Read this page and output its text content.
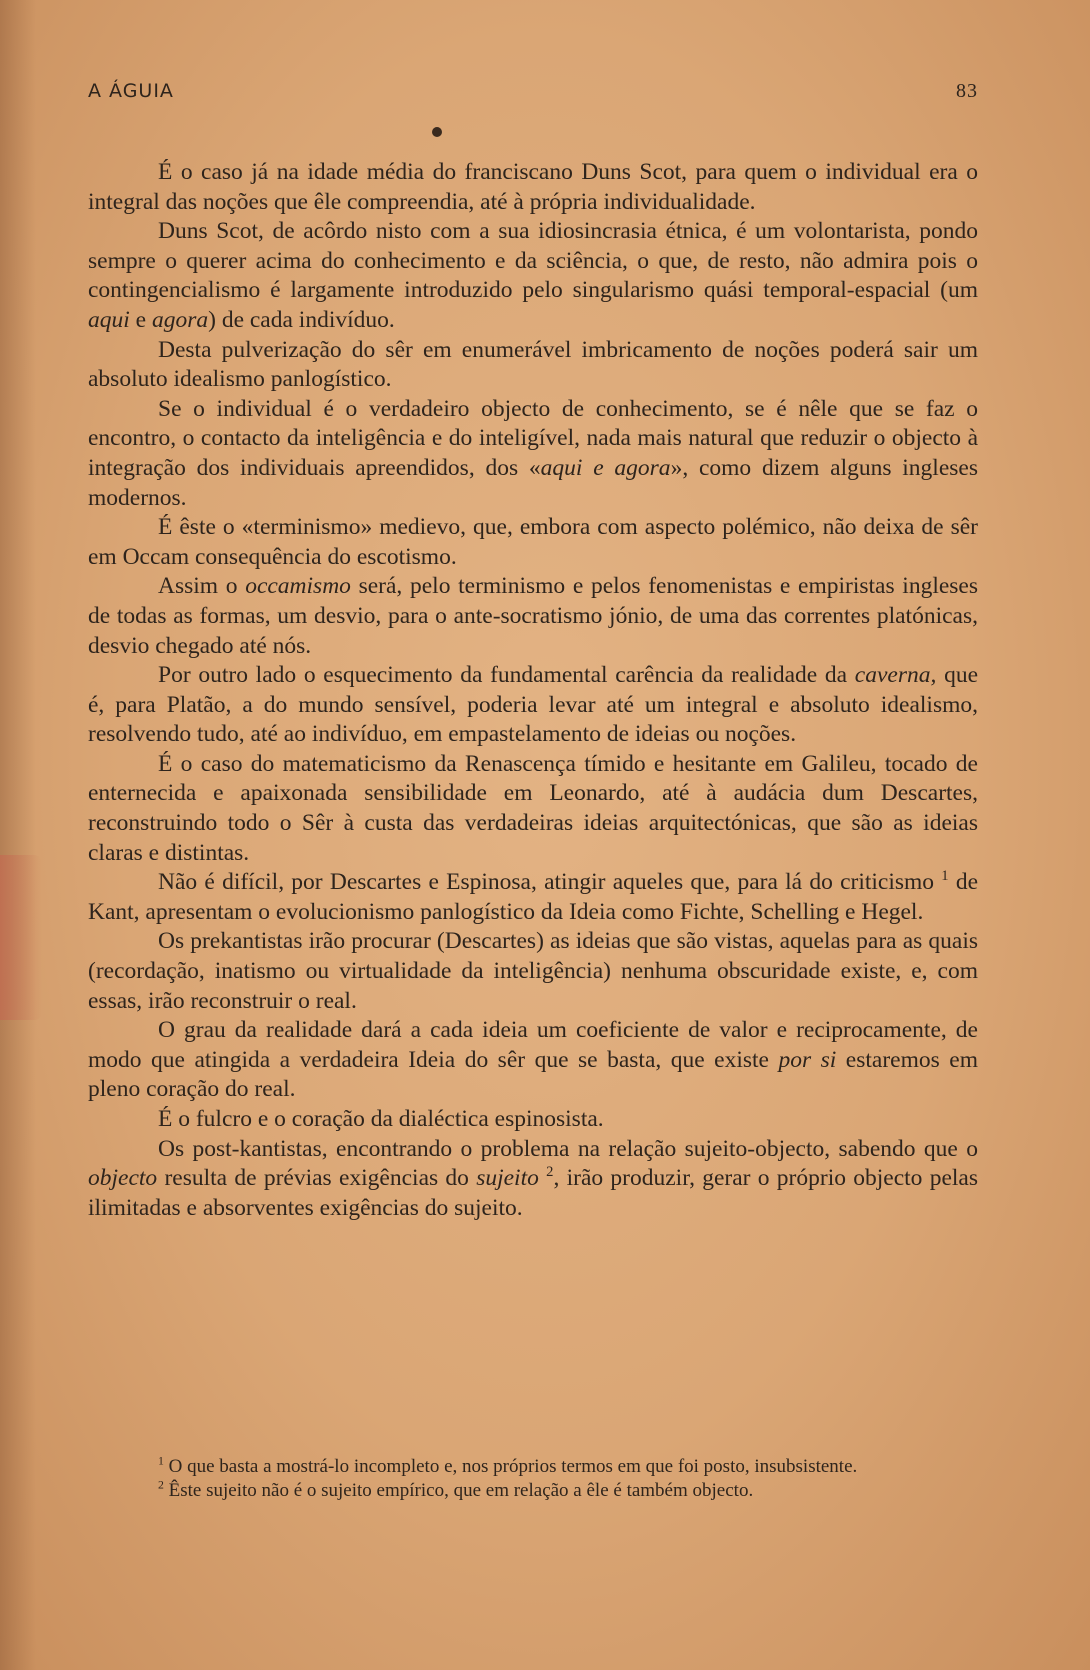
A ÁGUIA	83

É o caso já na idade média do franciscano Duns Scot, para quem o individual era o integral das noções que êle compreendia, até à própria individualidade.

Duns Scot, de acôrdo nisto com a sua idiosincrasia étnica, é um volontarista, pondo sempre o querer acima do conhecimento e da sciência, o que, de resto, não admira pois o contingencialismo é largamente introduzido pelo singularismo quási temporal-espacial (um aqui e agora) de cada indivíduo.

Desta pulverização do sêr em enumerável imbricamento de noções poderá sair um absoluto idealismo panlogístico.

Se o individual é o verdadeiro objecto de conhecimento, se é nêle que se faz o encontro, o contacto da inteligência e do inteligível, nada mais natural que reduzir o objecto à integração dos individuais apreendidos, dos «aqui e agora», como dizem alguns ingleses modernos.

É êste o «terminismo» medievo, que, embora com aspecto polémico, não deixa de sêr em Occam consequência do escotismo.

Assim o occamismo será, pelo terminismo e pelos fenomenistas e empiristas ingleses de todas as formas, um desvio, para o ante-socratismo jónio, de uma das correntes platónicas, desvio chegado até nós.

Por outro lado o esquecimento da fundamental carência da realidade da caverna, que é, para Platão, a do mundo sensível, poderia levar até um integral e absoluto idealismo, resolvendo tudo, até ao indivíduo, em empastelamento de ideias ou noções.

É o caso do matematicismo da Renascença tímido e hesitante em Galileu, tocado de enternecida e apaixonada sensibilidade em Leonardo, até à audácia dum Descartes, reconstruindo todo o Sêr à custa das verdadeiras ideias arquitectónicas, que são as ideias claras e distintas.

Não é difícil, por Descartes e Espinosa, atingir aqueles que, para lá do criticismo $^1$ de Kant, apresentam o evolucionismo panlogístico da Ideia como Fichte, Schelling e Hegel.

Os prekantistas irão procurar (Descartes) as ideias que são vistas, aquelas para as quais (recordação, inatismo ou virtualidade da inteligência) nenhuma obscuridade existe, e, com essas, irão reconstruir o real.

O grau da realidade dará a cada ideia um coeficiente de valor e reciprocamente, de modo que atingida a verdadeira Ideia do sêr que se basta, que existe por si estaremos em pleno coração do real.

É o fulcro e o coração da dialéctica espinosista.

Os post-kantistas, encontrando o problema na relação sujeito-objecto, sabendo que o objecto resulta de prévias exigências do sujeito $^2$, irão produzir, gerar o próprio objecto pelas ilimitadas e absorventes exigências do sujeito.

$^1$ O que basta a mostrá-lo incompleto e, nos próprios termos em que foi posto, insubsistente.

$^2$ Êste sujeito não é o sujeito empírico, que em relação a êle é também objecto.
